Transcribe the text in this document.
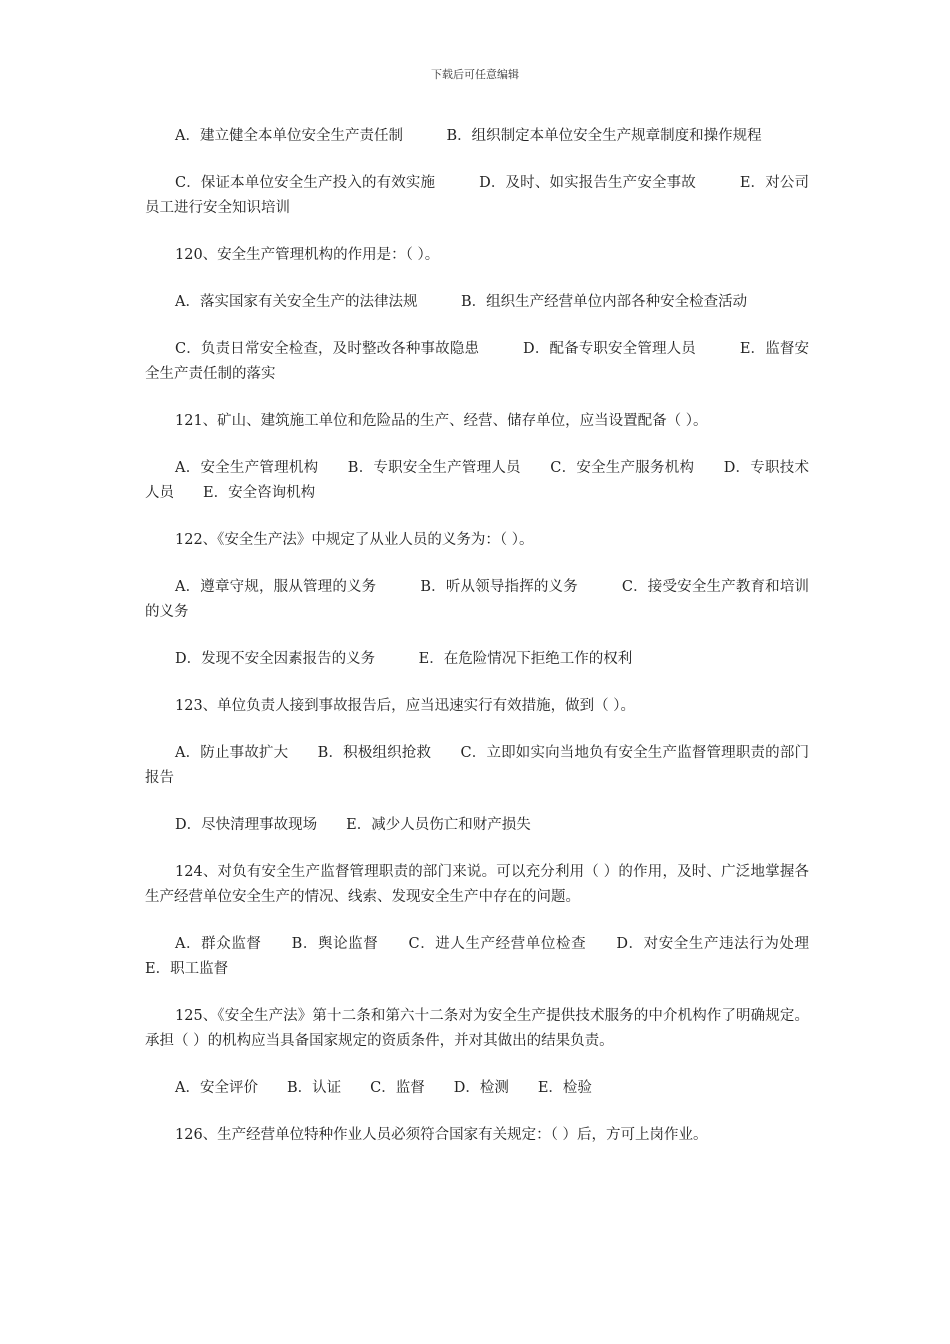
下载后可任意编辑

A．建立健全本单位安全生产责任制　　　B．组织制定本单位安全生产规章制度和操作规程

C．保证本单位安全生产投入的有效实施　　　D．及时、如实报告生产安全事故　　　E．对公司员工进行安全知识培训

120、安全生产管理机构的作用是：（ ）。

A．落实国家有关安全生产的法律法规　　　B．组织生产经营单位内部各种安全检查活动

C．负责日常安全检查，及时整改各种事故隐患　　　D．配备专职安全管理人员　　　E．监督安全生产责任制的落实

121、矿山、建筑施工单位和危险品的生产、经营、储存单位，应当设置配备（ ）。

A．安全生产管理机构　　B．专职安全生产管理人员　　C．安全生产服务机构　　D．专职技术人员　　E．安全咨询机构

122、《安全生产法》中规定了从业人员的义务为：（ ）。

A．遵章守规，服从管理的义务　　　B．听从领导指挥的义务　　　C．接受安全生产教育和培训的义务

D．发现不安全因素报告的义务　　　E．在危险情况下拒绝工作的权利

123、单位负责人接到事故报告后，应当迅速实行有效措施，做到（ ）。

A．防止事故扩大　　B．积极组织抢救　　C．立即如实向当地负有安全生产监督管理职责的部门报告

D．尽快清理事故现场　　E．减少人员伤亡和财产损失

124、对负有安全生产监督管理职责的部门来说。可以充分利用（ ）的作用，及时、广泛地掌握各生产经营单位安全生产的情况、线索、发现安全生产中存在的问题。

A．群众监督　　B．舆论监督　　C．进人生产经营单位检查　　D．对安全生产违法行为处理　　E．职工监督

125、《安全生产法》第十二条和第六十二条对为安全生产提供技术服务的中介机构作了明确规定。承担（ ）的机构应当具备国家规定的资质条件，并对其做出的结果负责。

A．安全评价　　B．认证　　C．监督　　D．检测　　E．检验

126、生产经营单位特种作业人员必须符合国家有关规定：（ ）后，方可上岗作业。
